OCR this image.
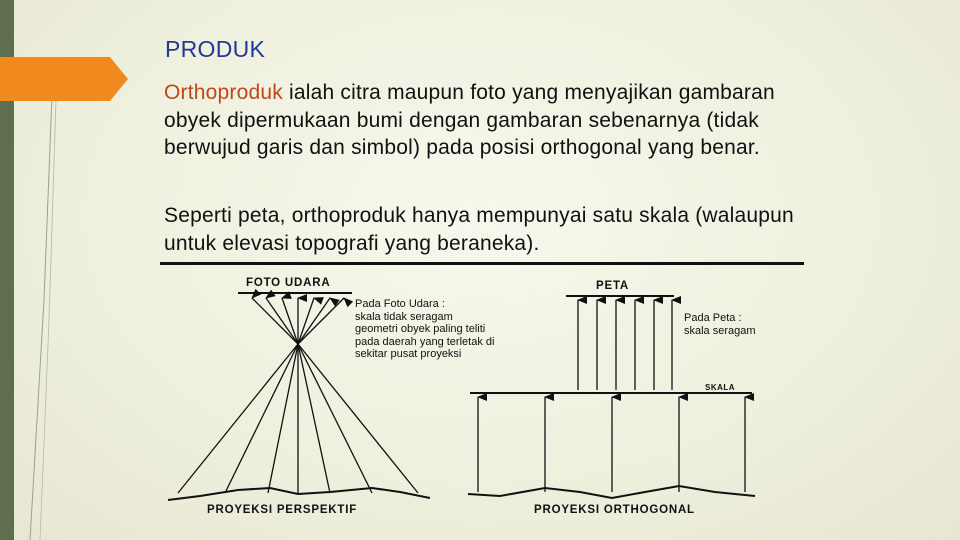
PRODUK
Orthoproduk ialah citra maupun foto yang menyajikan gambaran obyek dipermukaan bumi dengan gambaran sebenarnya (tidak berwujud garis dan simbol) pada posisi orthogonal yang benar.
Seperti peta, orthoproduk hanya mempunyai satu skala (walaupun untuk elevasi topografi yang beraneka).
FOTO UDARA	PETA
SKALA
PROYEKSI PERSPEKTIF	PROYEKSI ORTHOGONAL
Pada Foto Udara :
skala tidak seragam
geometri obyek paling teliti
pada daerah yang terletak di
sekitar pusat proyeksi
Pada Peta :
skala seragam
